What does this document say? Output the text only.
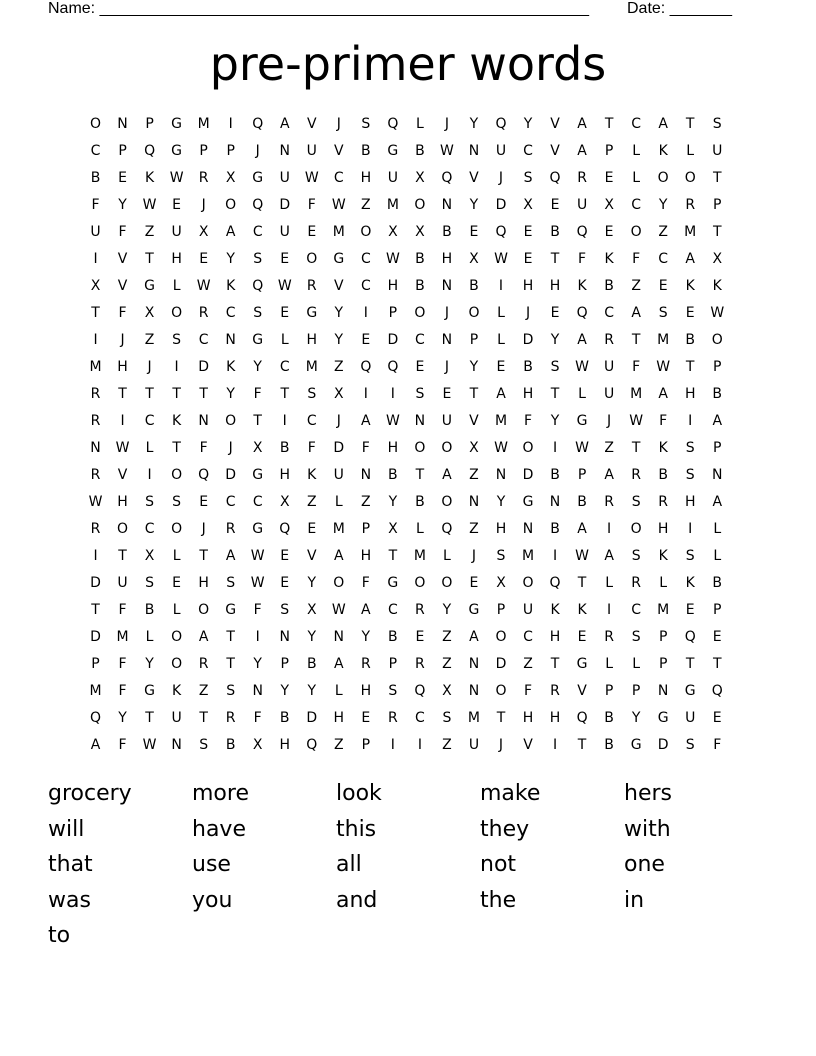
Name: _______________________________________________________ Date: _______
pre-primer words
O	N	P	G	M	I	Q	A	V	J	S	Q	L	J	Y	Q	Y	V	A	T	C	A	T	S
C	P	Q	G	P	P	J	N	U	V	B	G	B	W	N	U	C	V	A	P	L	K	L	U
B	E	K	W	R	X	G	U	W	C	H	U	X	Q	V	J	S	Q	R	E	L	O	O	T
F	Y	W	E	J	O	Q	D	F	W	Z	M	O	N	Y	D	X	E	U	X	C	Y	R	P
U	F	Z	U	X	A	C	U	E	M	O	X	X	B	E	Q	E	B	Q	E	O	Z	M	T
I	V	T	H	E	Y	S	E	O	G	C	W	B	H	X	W	E	T	F	K	F	C	A	X
X	V	G	L	W	K	Q	W	R	V	C	H	B	N	B	I	H	H	K	B	Z	E	K	K
T	F	X	O	R	C	S	E	G	Y	I	P	O	J	O	L	J	E	Q	C	A	S	E	W
I	J	Z	S	C	N	G	L	H	Y	E	D	C	N	P	L	D	Y	A	R	T	M	B	O
M	H	J	I	D	K	Y	C	M	Z	Q	Q	E	J	Y	E	B	S	W	U	F	W	T	P
R	T	T	T	T	Y	F	T	S	X	I	I	S	E	T	A	H	T	L	U	M	A	H	B
R	I	C	K	N	O	T	I	C	J	A	W	N	U	V	M	F	Y	G	J	W	F	I	A
N	W	L	T	F	J	X	B	F	D	F	H	O	O	X	W	O	I	W	Z	T	K	S	P
R	V	I	O	Q	D	G	H	K	U	N	B	T	A	Z	N	D	B	P	A	R	B	S	N
W	H	S	S	E	C	C	X	Z	L	Z	Y	B	O	N	Y	G	N	B	R	S	R	H	A
R	O	C	O	J	R	G	Q	E	M	P	X	L	Q	Z	H	N	B	A	I	O	H	I	L
I	T	X	L	T	A	W	E	V	A	H	T	M	L	J	S	M	I	W	A	S	K	S	L
D	U	S	E	H	S	W	E	Y	O	F	G	O	O	E	X	O	Q	T	L	R	L	K	B
T	F	B	L	O	G	F	S	X	W	A	C	R	Y	G	P	U	K	K	I	C	M	E	P
D	M	L	O	A	T	I	N	Y	N	Y	B	E	Z	A	O	C	H	E	R	S	P	Q	E
P	F	Y	O	R	T	Y	P	B	A	R	P	R	Z	N	D	Z	T	G	L	L	P	T	T
M	F	G	K	Z	S	N	Y	Y	L	H	S	Q	X	N	O	F	R	V	P	P	N	G	Q
Q	Y	T	U	T	R	F	B	D	H	E	R	C	S	M	T	H	H	Q	B	Y	G	U	E
A	F	W	N	S	B	X	H	Q	Z	P	I	I	Z	U	J	V	I	T	B	G	D	S	F
grocery	more	look	make	hers
will	have	this	they	with
that	use	all	not	one
was	you	and	the	in
to
